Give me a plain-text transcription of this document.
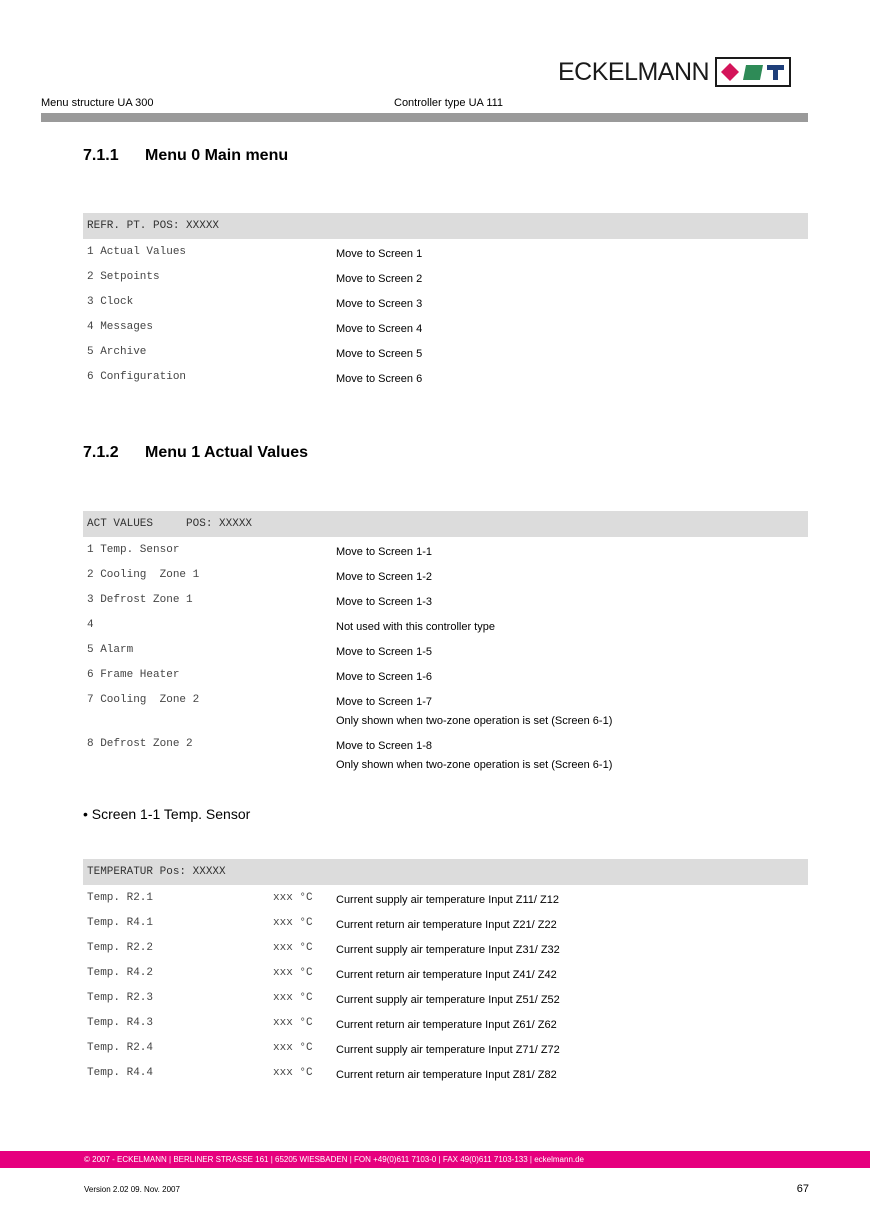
ECKELMANN
Menu structure UA 300	Controller type UA 111
7.1.1 Menu 0 Main menu
REFR. PT. POS: XXXXX
1 Actual Values	Move to Screen 1
2 Setpoints	Move to Screen 2
3 Clock	Move to Screen 3
4 Messages	Move to Screen 4
5 Archive	Move to Screen 5
6 Configuration	Move to Screen 6
7.1.2 Menu 1 Actual Values
ACT VALUES     POS: XXXXX
1 Temp. Sensor	Move to Screen 1-1
2 Cooling  Zone 1	Move to Screen 1-2
3 Defrost Zone 1	Move to Screen 1-3
4	Not used with this controller type
5 Alarm	Move to Screen 1-5
6 Frame Heater	Move to Screen 1-6
7 Cooling  Zone 2	Move to Screen 1-7
Only shown when two-zone operation is set (Screen 6-1)
8 Defrost Zone 2	Move to Screen 1-8
Only shown when two-zone operation is set (Screen 6-1)
• Screen 1-1 Temp. Sensor
TEMPERATUR Pos: XXXXX
Temp. R2.1	xxx °C Current supply air temperature Input Z11/ Z12
Temp. R4.1	xxx °C Current return air temperature Input Z21/ Z22
Temp. R2.2	xxx °C Current supply air temperature Input Z31/ Z32
Temp. R4.2	xxx °C Current return air temperature Input Z41/ Z42
Temp. R2.3	xxx °C Current supply air temperature Input Z51/ Z52
Temp. R4.3	xxx °C Current return air temperature Input Z61/ Z62
Temp. R2.4	xxx °C Current supply air temperature Input Z71/ Z72
Temp. R4.4	xxx °C Current return air temperature Input Z81/ Z82
© 2007 - ECKELMANN | BERLINER STRASSE 161 | 65205 WIESBADEN | FON +49(0)611 7103-0 | FAX 49(0)611 7103-133 | eckelmann.de
Version 2.02 09. Nov. 2007	67
